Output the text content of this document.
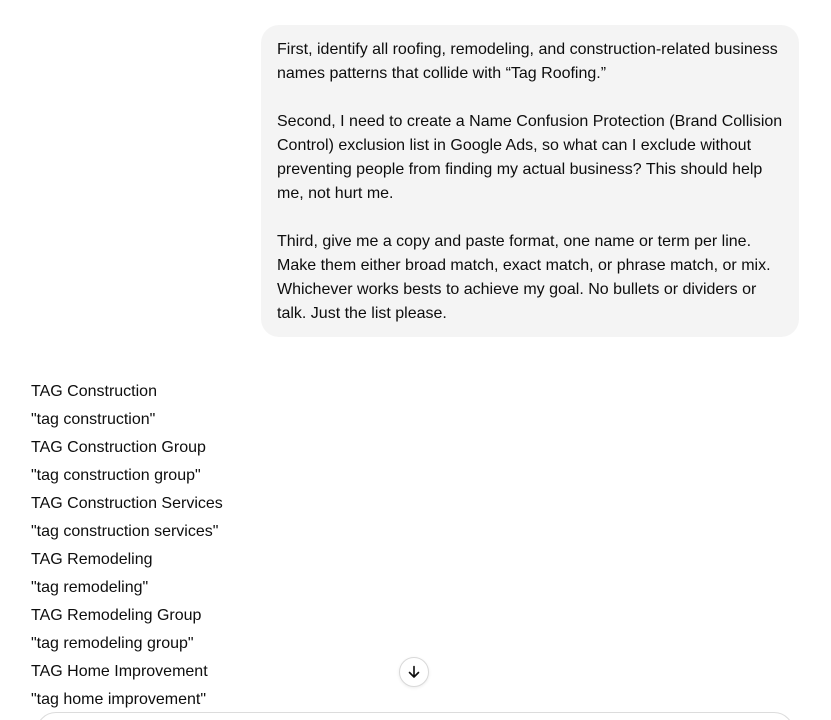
First, identify all roofing, remodeling, and construction-related business names patterns that collide with “Tag Roofing.”

Second, I need to create a Name Confusion Protection (Brand Collision Control) exclusion list in Google Ads, so what can I exclude without preventing people from finding my actual business? This should help me, not hurt me.

Third, give me a copy and paste format, one name or term per line. Make them either broad match, exact match, or phrase match, or mix. Whichever works bests to achieve my goal. No bullets or dividers or talk. Just the list please.

TAG Construction
"tag construction"
TAG Construction Group
"tag construction group"
TAG Construction Services
"tag construction services"
TAG Remodeling
"tag remodeling"
TAG Remodeling Group
"tag remodeling group"
TAG Home Improvement
"tag home improvement"
